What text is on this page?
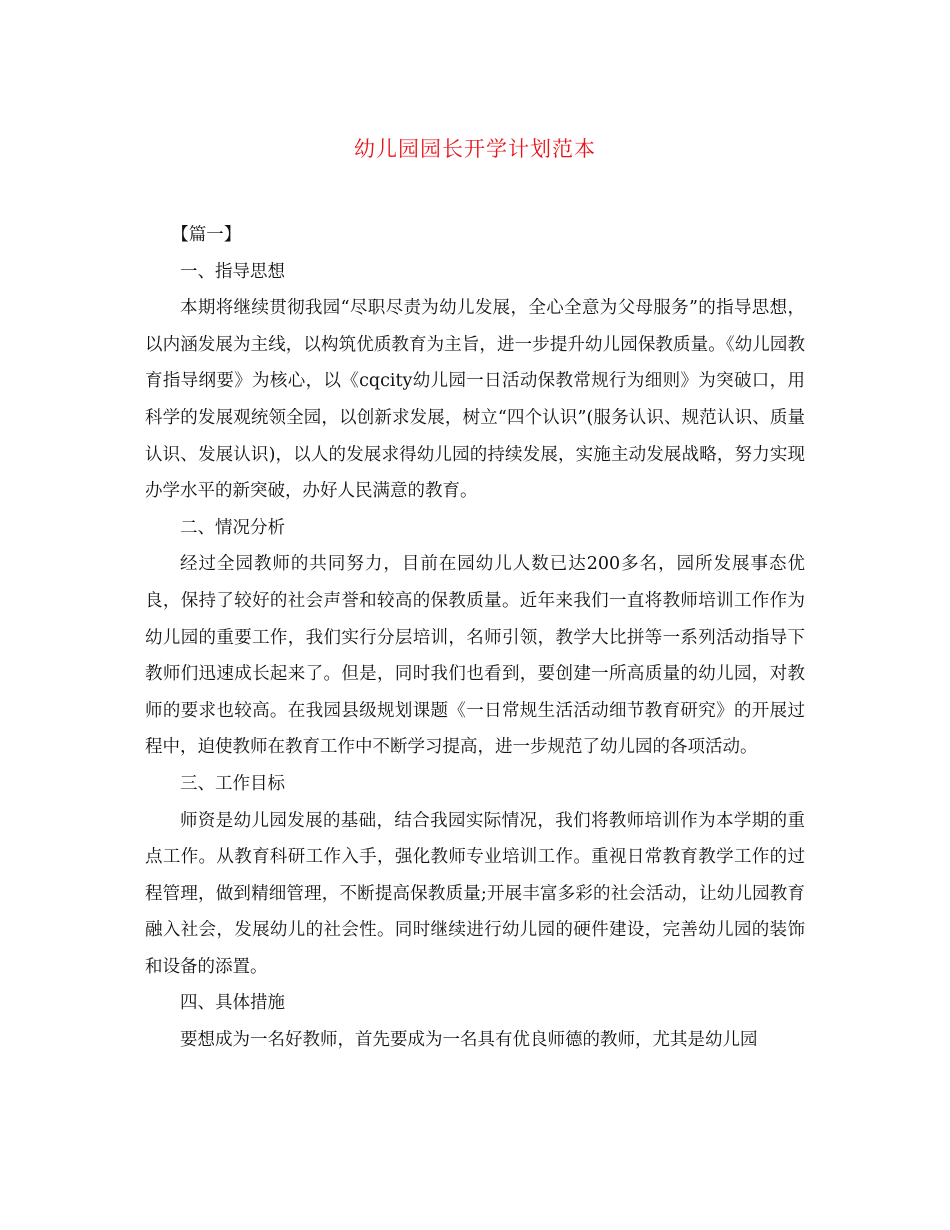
幼儿园园长开学计划范本

【篇一】

一、指导思想

本期将继续贯彻我园“尽职尽责为幼儿发展，全心全意为父母服务”的指导思想，以内涵发展为主线，以构筑优质教育为主旨，进一步提升幼儿园保教质量。《幼儿园教育指导纲要》为核心，以《cqcity幼儿园一日活动保教常规行为细则》为突破口，用科学的发展观统领全园，以创新求发展，树立“四个认识”(服务认识、规范认识、质量认识、发展认识)，以人的发展求得幼儿园的持续发展，实施主动发展战略，努力实现办学水平的新突破，办好人民满意的教育。

二、情况分析

经过全园教师的共同努力，目前在园幼儿人数已达200多名，园所发展事态优良，保持了较好的社会声誉和较高的保教质量。近年来我们一直将教师培训工作作为幼儿园的重要工作，我们实行分层培训，名师引领，教学大比拼等一系列活动指导下教师们迅速成长起来了。但是，同时我们也看到，要创建一所高质量的幼儿园，对教师的要求也较高。在我园县级规划课题《一日常规生活活动细节教育研究》的开展过程中，迫使教师在教育工作中不断学习提高，进一步规范了幼儿园的各项活动。

三、工作目标

师资是幼儿园发展的基础，结合我园实际情况，我们将教师培训作为本学期的重点工作。从教育科研工作入手，强化教师专业培训工作。重视日常教育教学工作的过程管理，做到精细管理，不断提高保教质量;开展丰富多彩的社会活动，让幼儿园教育融入社会，发展幼儿的社会性。同时继续进行幼儿园的硬件建设，完善幼儿园的装饰和设备的添置。

四、具体措施

要想成为一名好教师，首先要成为一名具有优良师德的教师，尤其是幼儿园
